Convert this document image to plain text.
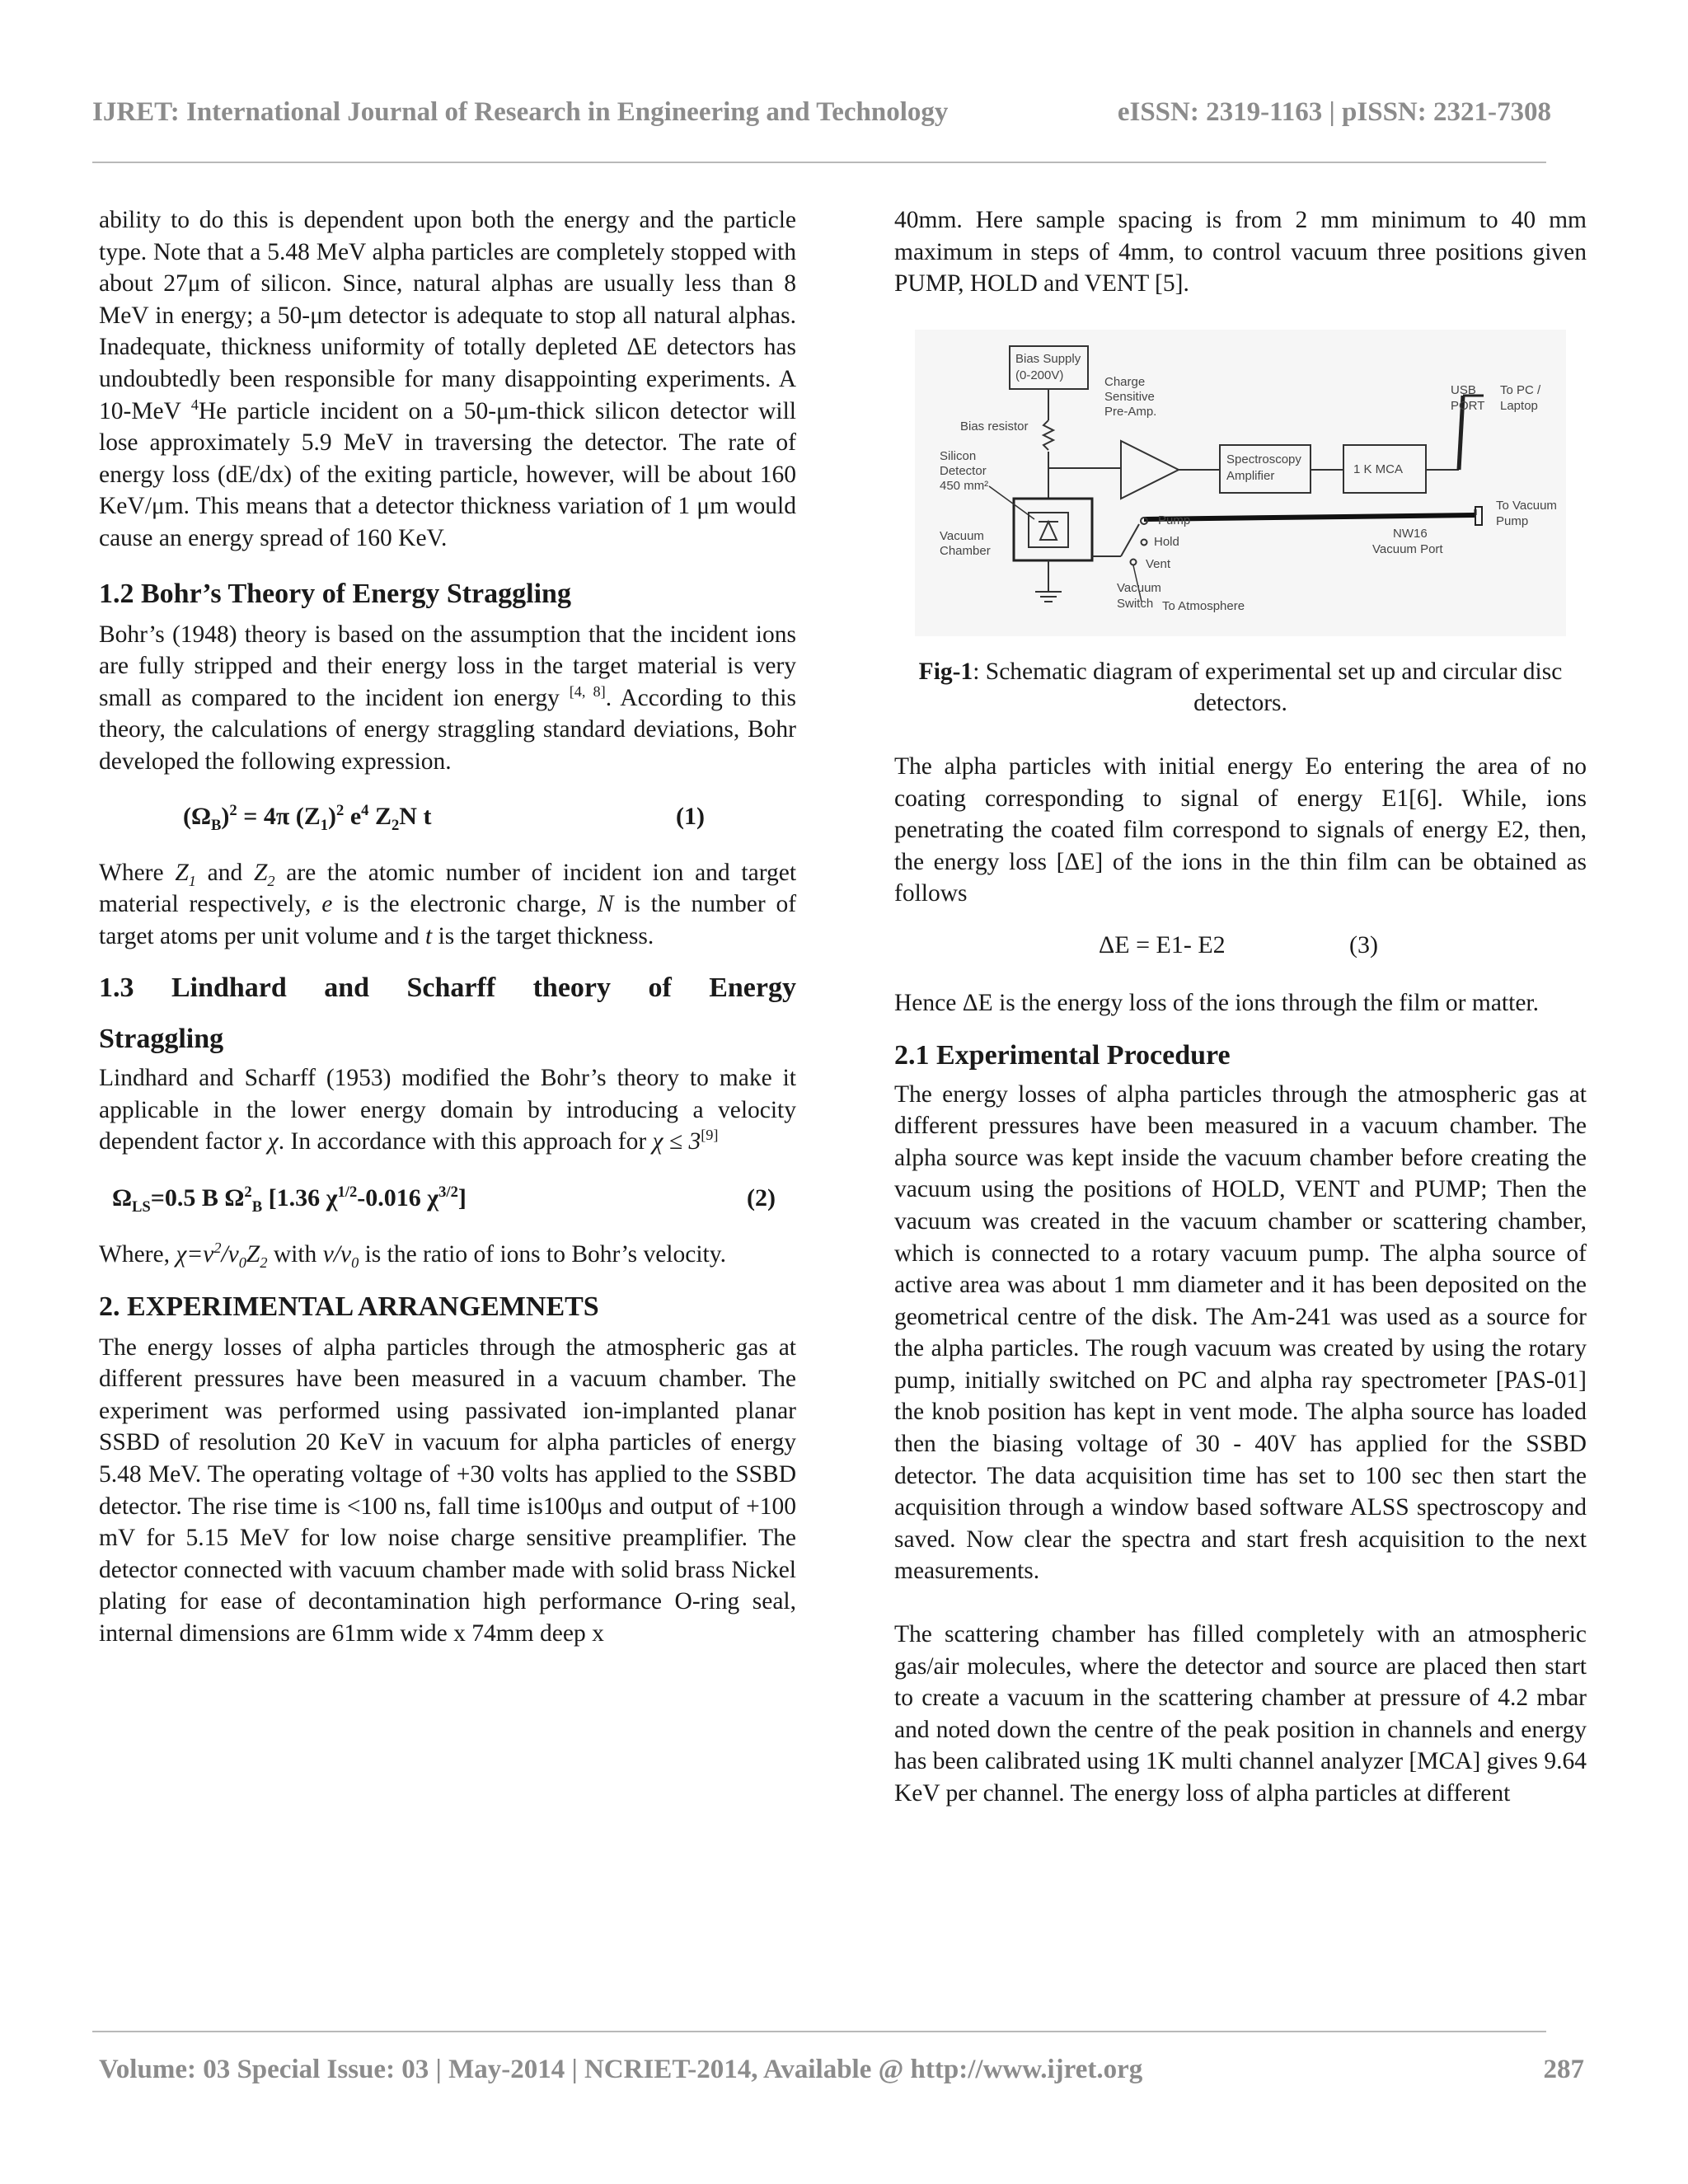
IJRET: International Journal of Research in Engineering and Technology	eISSN: 2319-1163 | pISSN: 2321-7308

ability to do this is dependent upon both the energy and the particle type. Note that a 5.48 MeV alpha particles are completely stopped with about 27μm of silicon. Since, natural alphas are usually less than 8 MeV in energy; a 50-μm detector is adequate to stop all natural alphas. Inadequate, thickness uniformity of totally depleted ΔE detectors has undoubtedly been responsible for many disappointing experiments. A 10-MeV $^4$He particle incident on a 50-μm-thick silicon detector will lose approximately 5.9 MeV in traversing the detector. The rate of energy loss (dE/dx) of the exiting particle, however, will be about 160 KeV/μm. This means that a detector thickness variation of 1 μm would cause an energy spread of 160 KeV.

1.2 Bohr’s Theory of Energy Straggling

Bohr’s (1948) theory is based on the assumption that the incident ions are fully stripped and their energy loss in the target material is very small as compared to the incident ion energy [4, 8]. According to this theory, the calculations of energy straggling standard deviations, Bohr developed the following expression.

$(\Omega_B)^2 = 4\pi$ $(Z_1)^2$ $e^4$ $Z_2N$ t	(1)

Where $Z_1$ and $Z_2$ are the atomic number of incident ion and target material respectively, e is the electronic charge, N is the number of target atoms per unit volume and t is the target thickness.

1.3 Lindhard and Scharff theory of Energy

Straggling

Lindhard and Scharff (1953) modified the Bohr’s theory to make it applicable in the lower energy domain by introducing a velocity dependent factor χ. In accordance with this approach for χ ≤ 3[9]

$\Omega_{LS}=0.5$ B $\Omega^2_B$ [1.36 $\chi^{1/2}-0.016$ $\chi^{3/2}$]	(2)

Where, $\chi=v^2/v_0Z_2$ with $v/v_0$ is the ratio of ions to Bohr’s velocity.

2. EXPERIMENTAL ARRANGEMNETS

The energy losses of alpha particles through the atmospheric gas at different pressures have been measured in a vacuum chamber. The experiment was performed using passivated ion-implanted planar SSBD of resolution 20 KeV in vacuum for alpha particles of energy 5.48 MeV. The operating voltage of +30 volts has applied to the SSBD detector. The rise time is <100 ns, fall time is100μs and output of +100 mV for 5.15 MeV for low noise charge sensitive preamplifier. The detector connected with vacuum chamber made with solid brass Nickel plating for ease of decontamination high performance O-ring seal, internal dimensions are 61mm wide x 74mm deep x

40mm. Here sample spacing is from 2 mm minimum to 40 mm maximum in steps of 4mm, to control vacuum three positions given PUMP, HOLD and VENT [5].

Bias Supply
(0-200V)
Bias resistor
Charge
Sensitive
Pre-Amp.
Silicon
Detector
450 mm²
Vacuum
Chamber
Spectroscopy
Amplifier	1 K MCA
USB
PORT
To PC /
Laptop
To Vacuum
Pump
NW16
Vacuum Port
Pump
Hold
Vent
Vacuum
Switch To Atmosphere

Fig-1: Schematic diagram of experimental set up and circular disc detectors.

The alpha particles with initial energy Eo entering the area of no coating corresponding to signal of energy E1[6]. While, ions penetrating the coated film correspond to signals of energy E2, then, the energy loss [ΔE] of the ions in the thin film can be obtained as follows

ΔE = E1- E2	(3)

Hence ΔE is the energy loss of the ions through the film or matter.

2.1 Experimental Procedure

The energy losses of alpha particles through the atmospheric gas at different pressures have been measured in a vacuum chamber. The alpha source was kept inside the vacuum chamber before creating the vacuum using the positions of HOLD, VENT and PUMP; Then the vacuum was created in the vacuum chamber or scattering chamber, which is connected to a rotary vacuum pump. The alpha source of active area was about 1 mm diameter and it has been deposited on the geometrical centre of the disk. The Am-241 was used as a source for the alpha particles. The rough vacuum was created by using the rotary pump, initially switched on PC and alpha ray spectrometer [PAS-01] the knob position has kept in vent mode. The alpha source has loaded then the biasing voltage of 30 - 40V has applied for the SSBD detector. The data acquisition time has set to 100 sec then start the acquisition through a window based software ALSS spectroscopy and saved. Now clear the spectra and start fresh acquisition to the next measurements.

The scattering chamber has filled completely with an atmospheric gas/air molecules, where the detector and source are placed then start to create a vacuum in the scattering chamber at pressure of 4.2 mbar and noted down the centre of the peak position in channels and energy has been calibrated using 1K multi channel analyzer [MCA] gives 9.64 KeV per channel. The energy loss of alpha particles at different

Volume: 03 Special Issue: 03 | May-2014 | NCRIET-2014, Available @ http://www.ijret.org	287
